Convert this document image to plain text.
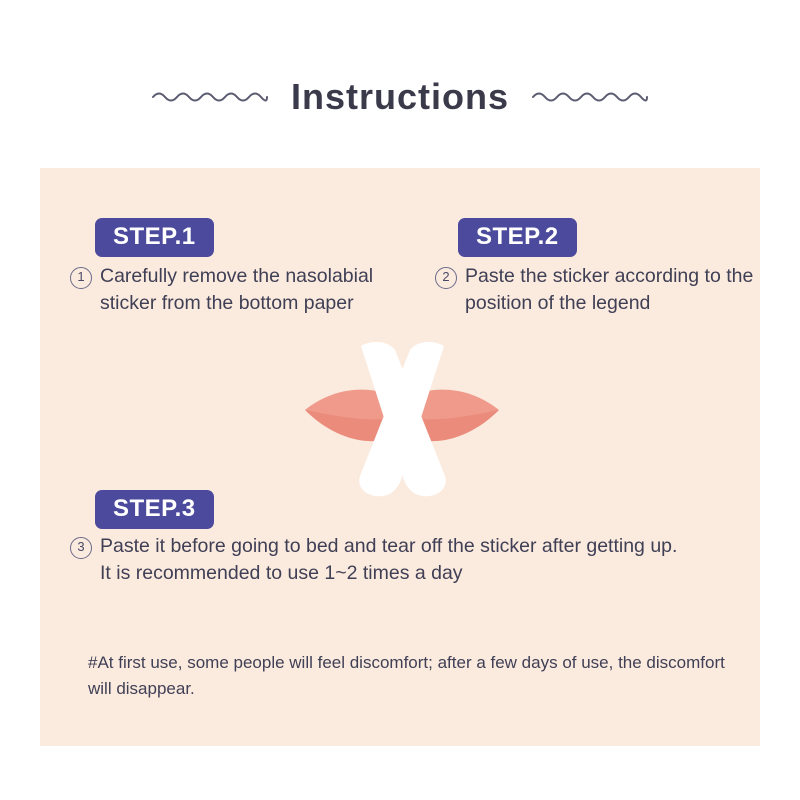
Instructions
STEP.1
1 Carefully remove the nasolabial sticker from the bottom paper
STEP.2
2 Paste the sticker according to the position of the legend
STEP.3
3 Paste it before going to bed and tear off the sticker after getting up. It is recommended to use 1~2 times a day
#At first use, some people will feel discomfort; after a few days of use, the discomfort will disappear.
